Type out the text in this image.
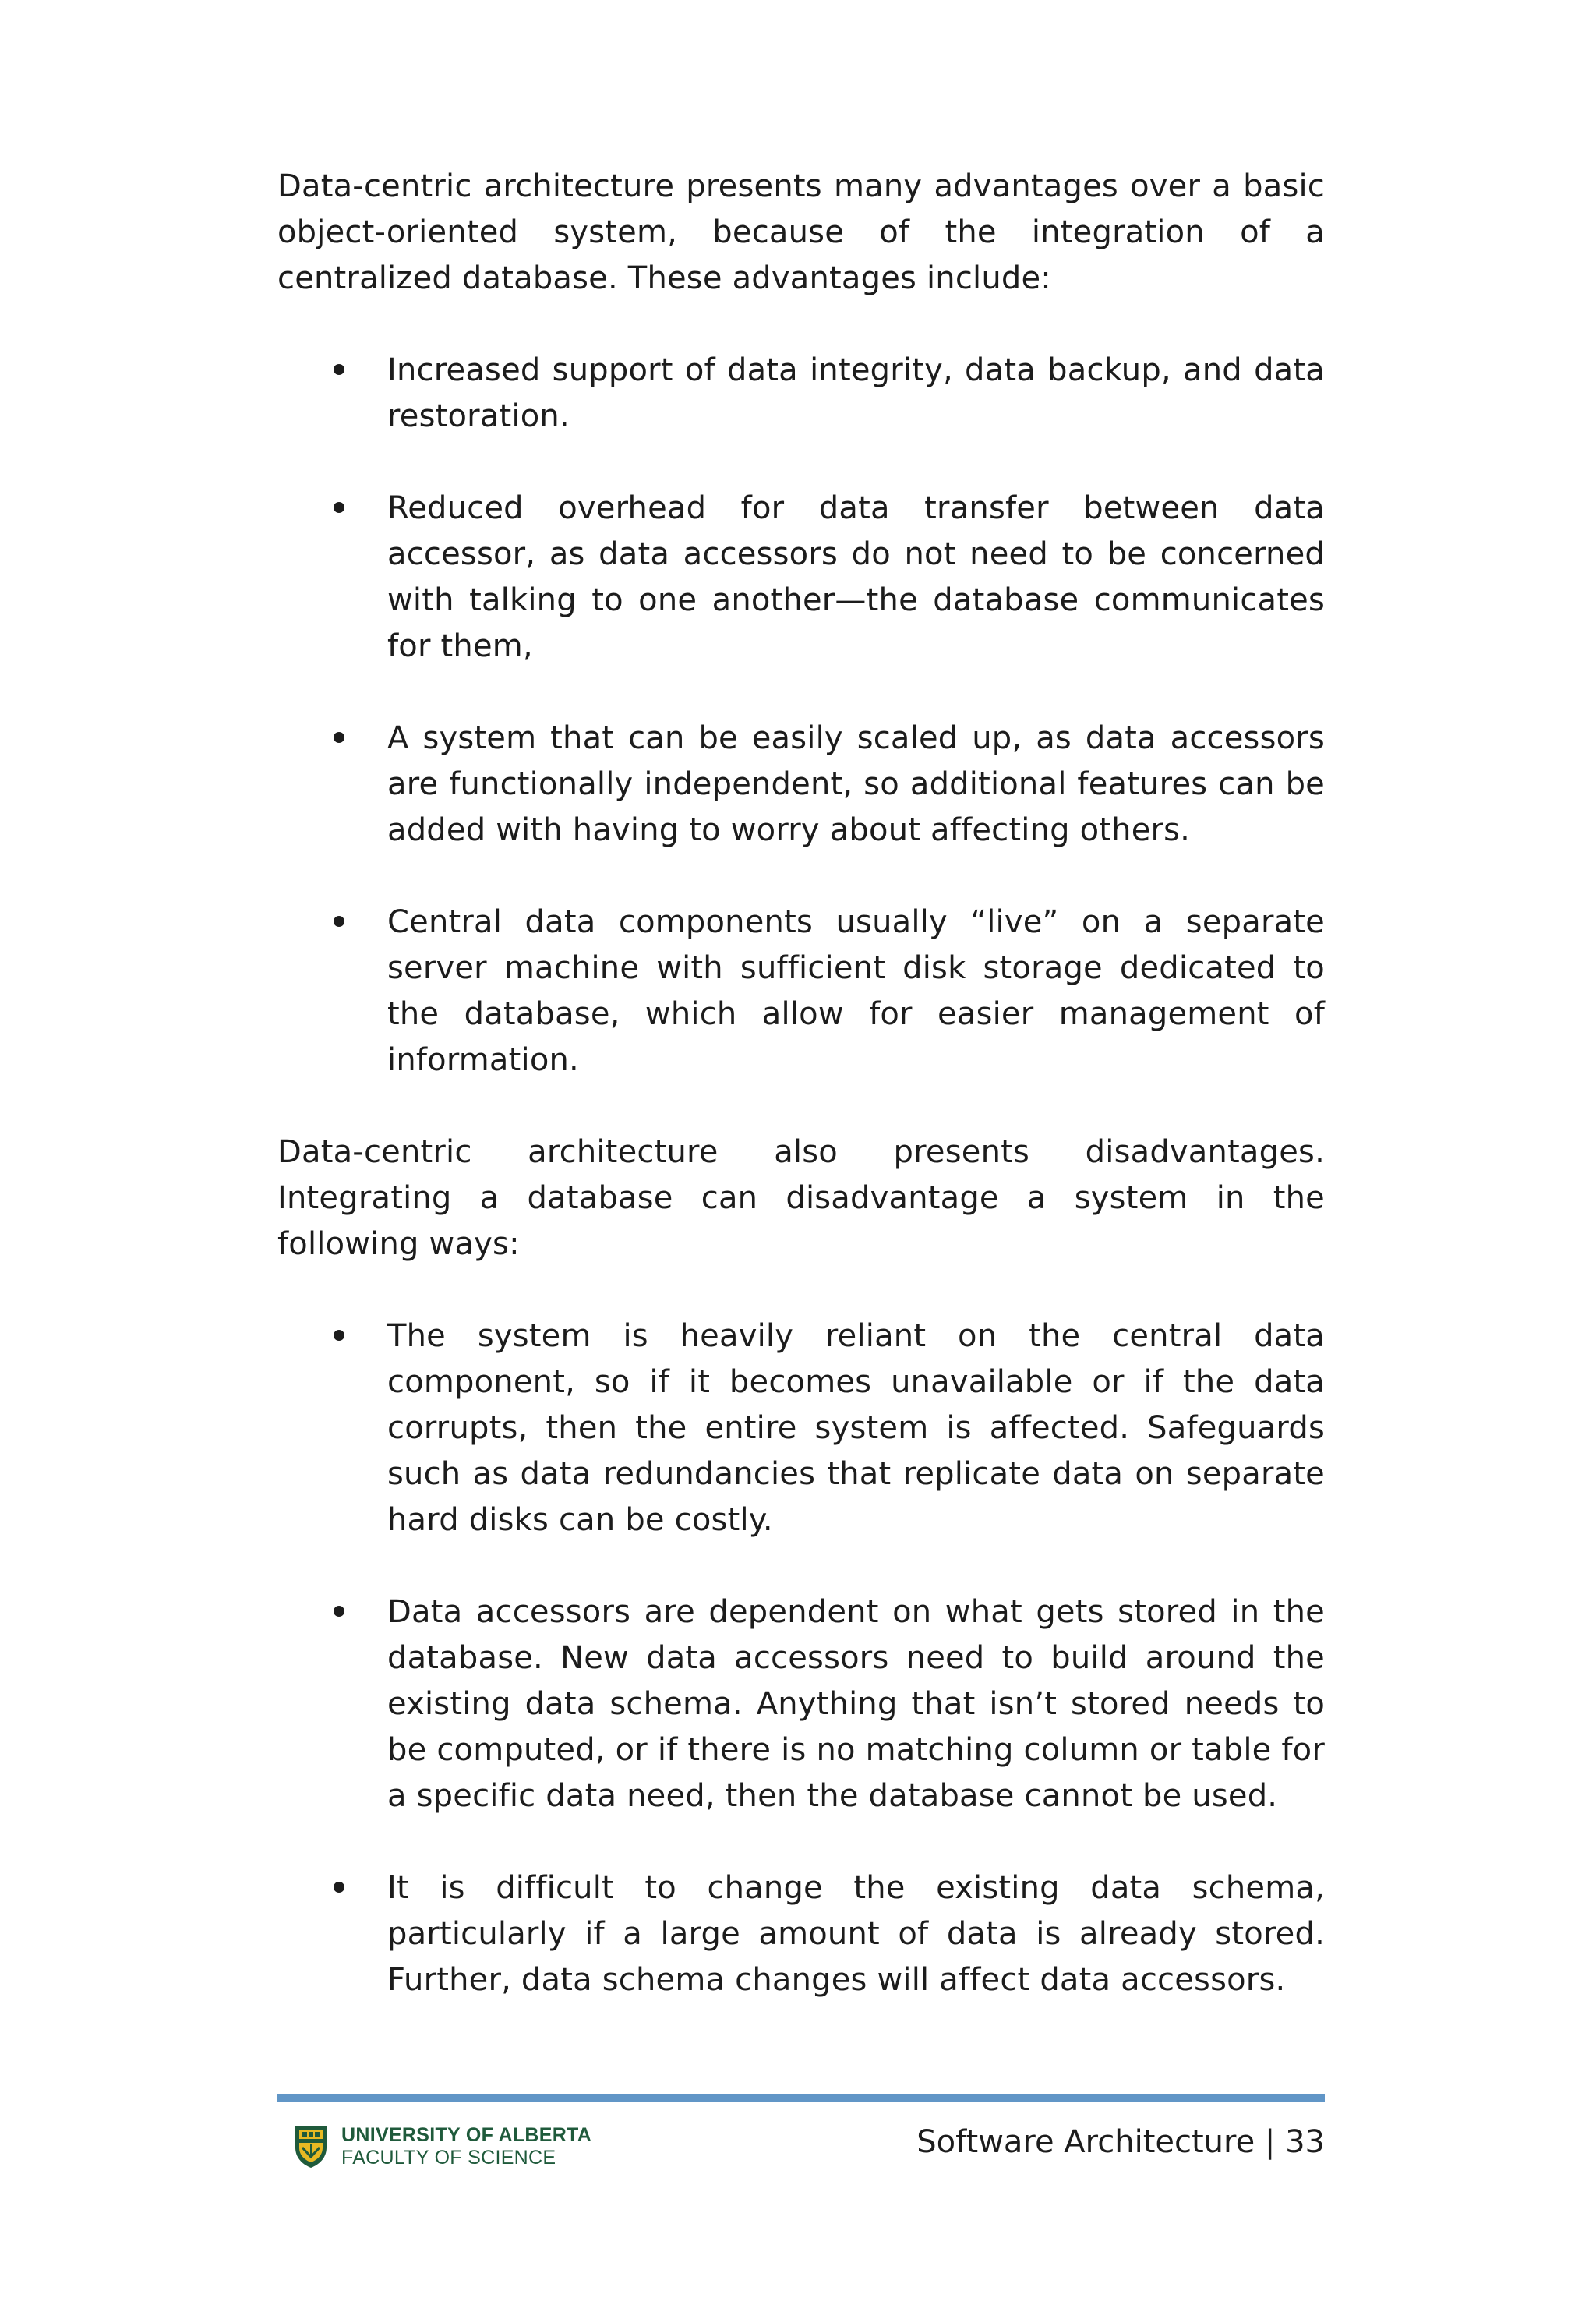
Data-centric architecture presents many advantages over a basic object-oriented system, because of the integration of a centralized database. These advantages include:

Increased support of data integrity, data backup, and data restoration.
Reduced overhead for data transfer between data accessor, as data accessors do not need to be concerned with talking to one another—the database communicates for them,
A system that can be easily scaled up, as data accessors are functionally independent, so additional features can be added with having to worry about affecting others.
Central data components usually “live” on a separate server machine with sufficient disk storage dedicated to the database, which allow for easier management of information.

Data-centric architecture also presents disadvantages. Integrating a database can disadvantage a system in the following ways:

The system is heavily reliant on the central data component, so if it becomes unavailable or if the data corrupts, then the entire system is affected. Safeguards such as data redundancies that replicate data on separate hard disks can be costly.
Data accessors are dependent on what gets stored in the database. New data accessors need to build around the existing data schema. Anything that isn’t stored needs to be computed, or if there is no matching column or table for a specific data need, then the database cannot be used.
It is difficult to change the existing data schema, particularly if a large amount of data is already stored. Further, data schema changes will affect data accessors.
UNIVERSITY OF ALBERTA
FACULTY OF SCIENCE	Software Architecture | 33
